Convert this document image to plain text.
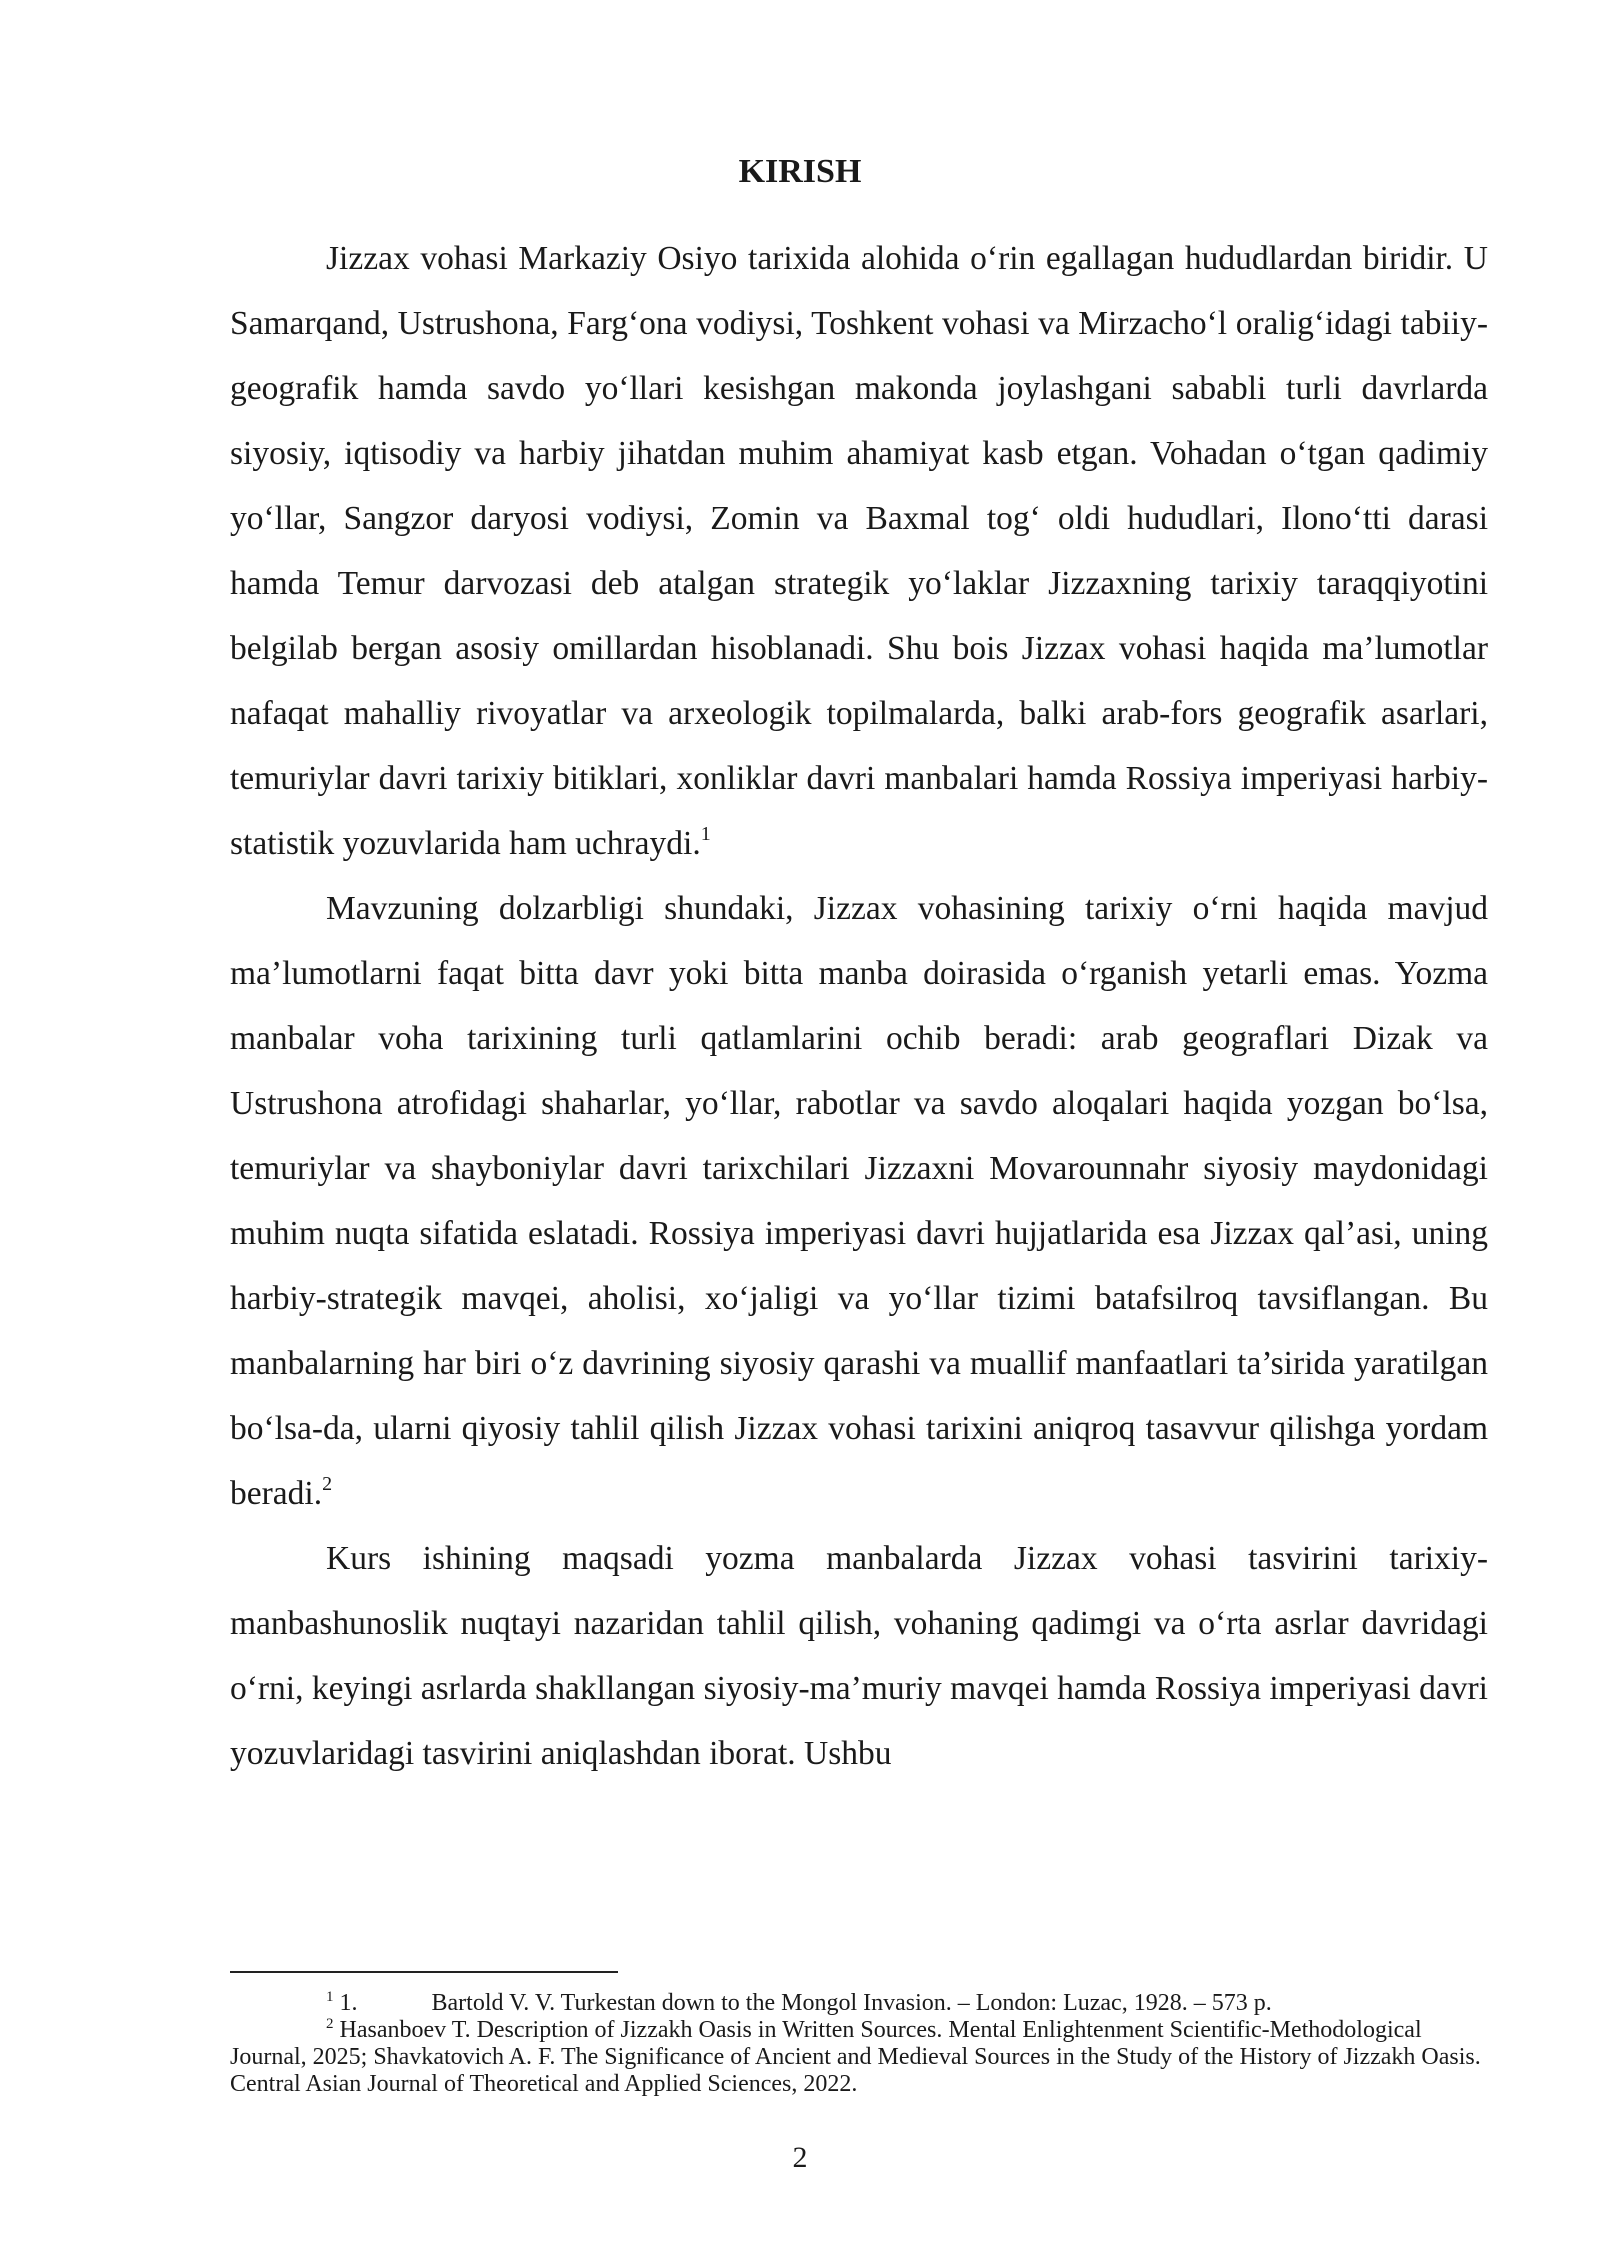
KIRISH

Jizzax vohasi Markaziy Osiyo tarixida alohida o‘rin egallagan hududlardan biridir. U Samarqand, Ustrushona, Farg‘ona vodiysi, Toshkent vohasi va Mirzacho‘l oralig‘idagi tabiiy-geografik hamda savdo yo‘llari kesishgan makonda joylashgani sababli turli davrlarda siyosiy, iqtisodiy va harbiy jihatdan muhim ahamiyat kasb etgan. Vohadan o‘tgan qadimiy yo‘llar, Sangzor daryosi vodiysi, Zomin va Baxmal tog‘ oldi hududlari, Ilono‘tti darasi hamda Temur darvozasi deb atalgan strategik yo‘laklar Jizzaxning tarixiy taraqqiyotini belgilab bergan asosiy omillardan hisoblanadi. Shu bois Jizzax vohasi haqida ma’lumotlar nafaqat mahalliy rivoyatlar va arxeologik topilmalarda, balki arab-fors geografik asarlari, temuriylar davri tarixiy bitiklari, xonliklar davri manbalari hamda Rossiya imperiyasi harbiy-statistik yozuvlarida ham uchraydi.$^1$

Mavzuning dolzarbligi shundaki, Jizzax vohasining tarixiy o‘rni haqida mavjud ma’lumotlarni faqat bitta davr yoki bitta manba doirasida o‘rganish yetarli emas. Yozma manbalar voha tarixining turli qatlamlarini ochib beradi: arab geograflari Dizak va Ustrushona atrofidagi shaharlar, yo‘llar, rabotlar va savdo aloqalari haqida yozgan bo‘lsa, temuriylar va shayboniylar davri tarixchilari Jizzaxni Movarounnahr siyosiy maydonidagi muhim nuqta sifatida eslatadi. Rossiya imperiyasi davri hujjatlarida esa Jizzax qal’asi, uning harbiy-strategik mavqei, aholisi, xo‘jaligi va yo‘llar tizimi batafsilroq tavsiflangan. Bu manbalarning har biri o‘z davrining siyosiy qarashi va muallif manfaatlari ta’sirida yaratilgan bo‘lsa-da, ularni qiyosiy tahlil qilish Jizzax vohasi tarixini aniqroq tasavvur qilishga yordam beradi.$^2$

Kurs ishining maqsadi yozma manbalarda Jizzax vohasi tasvirini tarixiy-manbashunoslik nuqtayi nazaridan tahlil qilish, vohaning qadimgi va o‘rta asrlar davridagi o‘rni, keyingi asrlarda shakllangan siyosiy-ma’muriy mavqei hamda Rossiya imperiyasi davri yozuvlaridagi tasvirini aniqlashdan iborat. Ushbu

$^1$ 1.	Bartold V. V. Turkestan down to the Mongol Invasion. – London: Luzac, 1928. – 573 p.
$^2$ Hasanboev T. Description of Jizzakh Oasis in Written Sources. Mental Enlightenment Scientific-Methodological Journal, 2025; Shavkatovich A. F. The Significance of Ancient and Medieval Sources in the Study of the History of Jizzakh Oasis. Central Asian Journal of Theoretical and Applied Sciences, 2022.
2
